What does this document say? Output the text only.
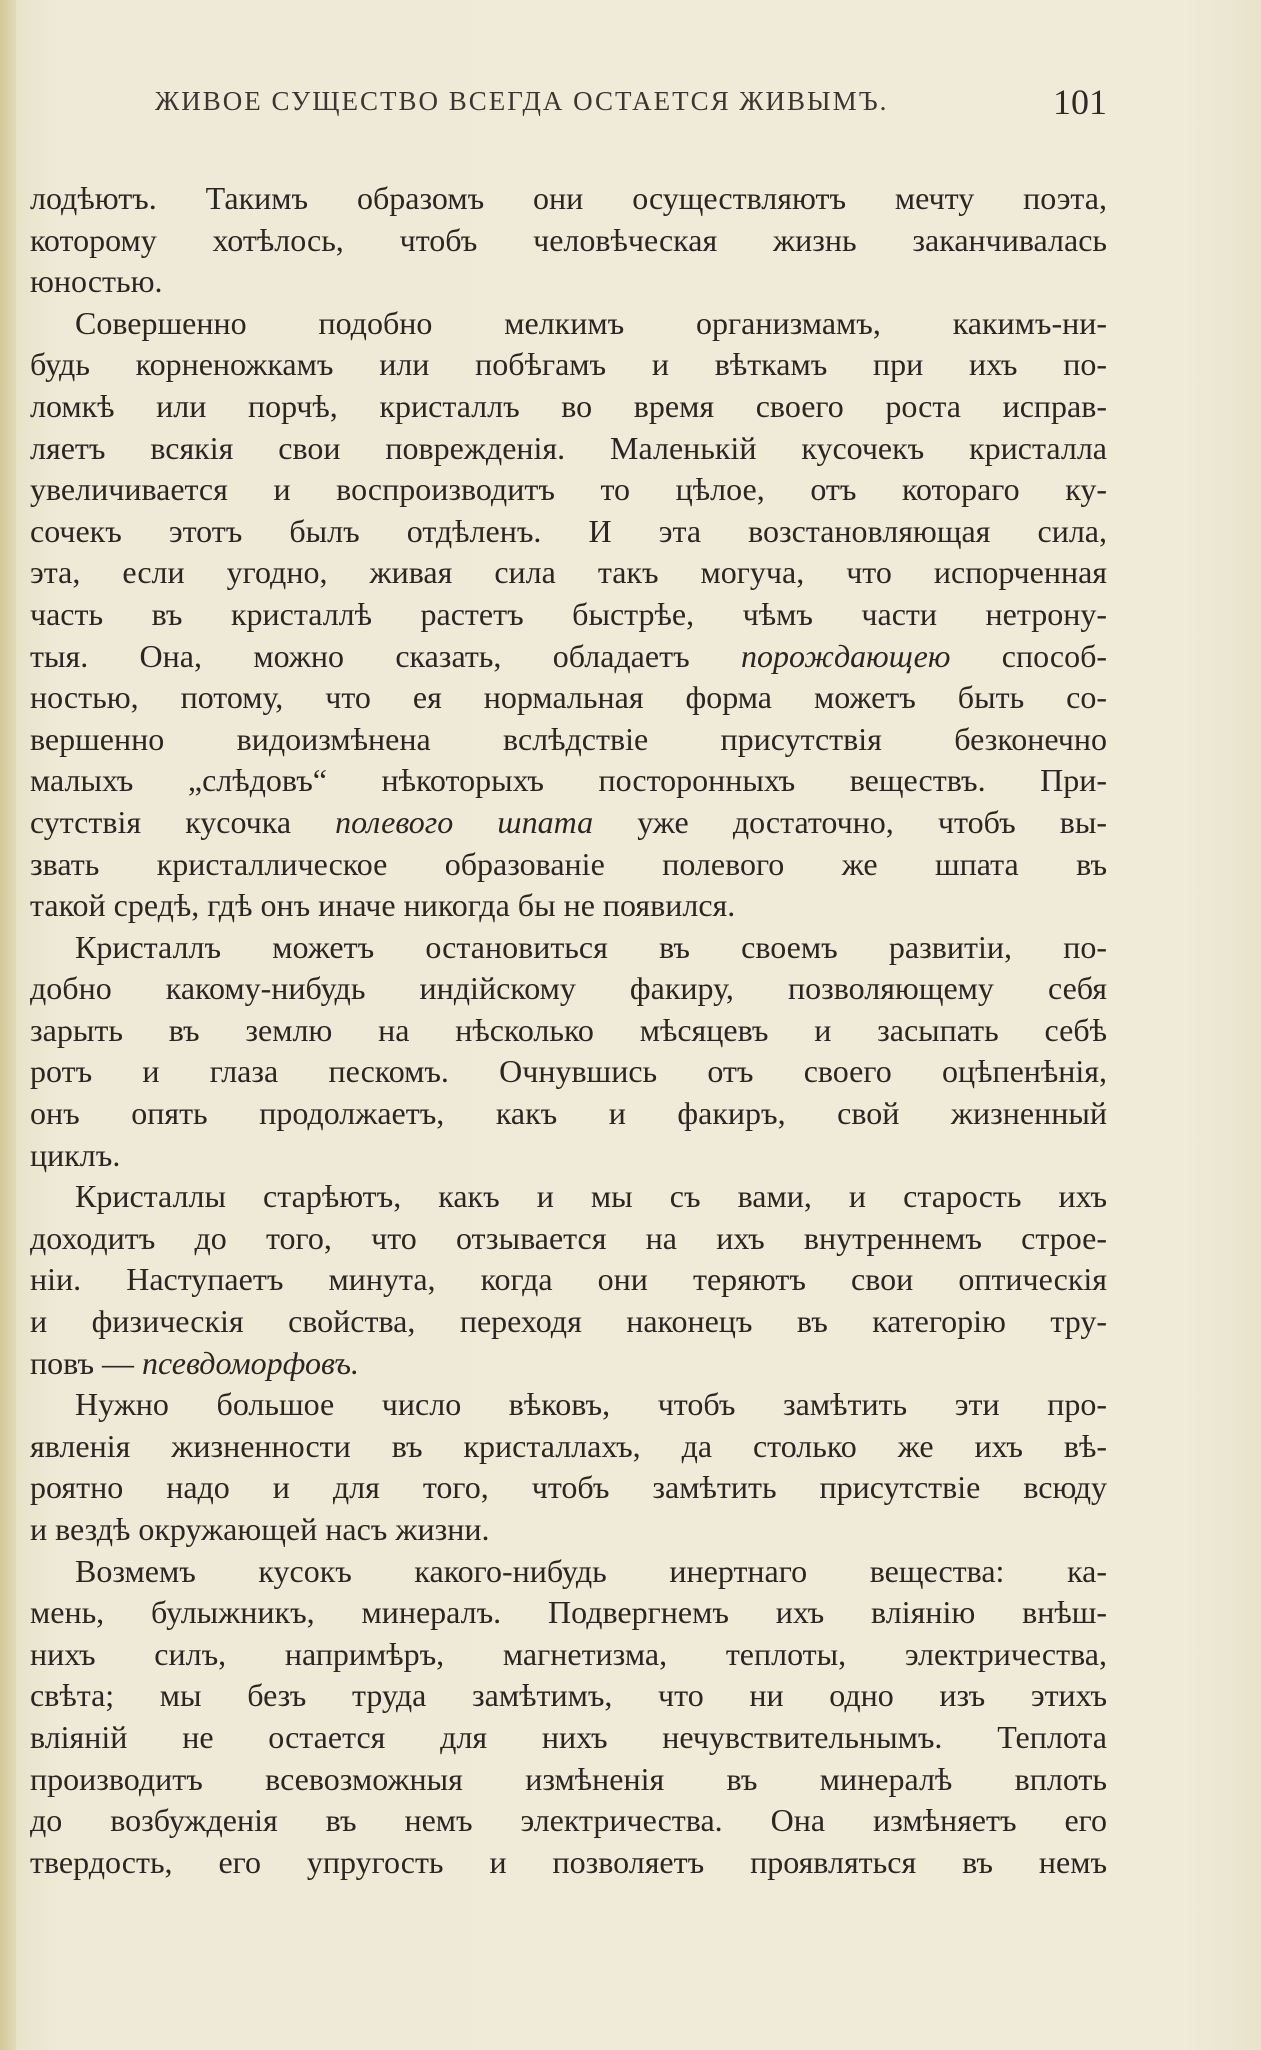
ЖИВОЕ СУЩЕСТВО ВСЕГДА ОСТАЕТСЯ ЖИВЫМЪ.	101
лодѣютъ. Такимъ образомъ они осуществляютъ мечту поэта,
которому хотѣлось, чтобъ человѣческая жизнь заканчивалась
юностью.
Совершенно подобно мелкимъ организмамъ, какимъ-ни-
будь корненожкамъ или побѣгамъ и вѣткамъ при ихъ по-
ломкѣ или порчѣ, кристаллъ во время своего роста исправ-
ляетъ всякія свои поврежденія. Маленькій кусочекъ кристалла
увеличивается и воспроизводитъ то цѣлое, отъ котораго ку-
сочекъ этотъ былъ отдѣленъ. И эта возстановляющая сила,
эта, если угодно, живая сила такъ могуча, что испорченная
часть въ кристаллѣ растетъ быстрѣе, чѣмъ части нетрону-
тыя. Она, можно сказать, обладаетъ порождающею способ-
ностью, потому, что ея нормальная форма можетъ быть со-
вершенно видоизмѣнена вслѣдствіе присутствія безконечно
малыхъ „слѣдовъ“ нѣкоторыхъ посторонныхъ веществъ. При-
сутствія кусочка полевого шпата уже достаточно, чтобъ вы-
звать кристаллическое образованіе полевого же шпата въ
такой средѣ, гдѣ онъ иначе никогда бы не появился.
Кристаллъ можетъ остановиться въ своемъ развитіи, по-
добно какому-нибудь индійскому факиру, позволяющему себя
зарыть въ землю на нѣсколько мѣсяцевъ и засыпать себѣ
ротъ и глаза пескомъ. Очнувшись отъ своего оцѣпенѣнія,
онъ опять продолжаетъ, какъ и факиръ, свой жизненный
циклъ.
Кристаллы старѣютъ, какъ и мы съ вами, и старость ихъ
доходитъ до того, что отзывается на ихъ внутреннемъ строе-
ніи. Наступаетъ минута, когда они теряютъ свои оптическія
и физическія свойства, переходя наконецъ въ категорію тру-
повъ — псевдоморфовъ.
Нужно большое число вѣковъ, чтобъ замѣтить эти про-
явленія жизненности въ кристаллахъ, да столько же ихъ вѣ-
роятно надо и для того, чтобъ замѣтить присутствіе всюду
и вездѣ окружающей насъ жизни.
Возмемъ кусокъ какого-нибудь инертнаго вещества: ка-
мень, булыжникъ, минералъ. Подвергнемъ ихъ вліянію внѣш-
нихъ силъ, напримѣръ, магнетизма, теплоты, электричества,
свѣта; мы безъ труда замѣтимъ, что ни одно изъ этихъ
вліяній не остается для нихъ нечувствительнымъ. Теплота
производитъ всевозможныя измѣненія въ минералѣ вплоть
до возбужденія въ немъ электричества. Она измѣняетъ его
твердость, его упругость и позволяетъ проявляться въ немъ
